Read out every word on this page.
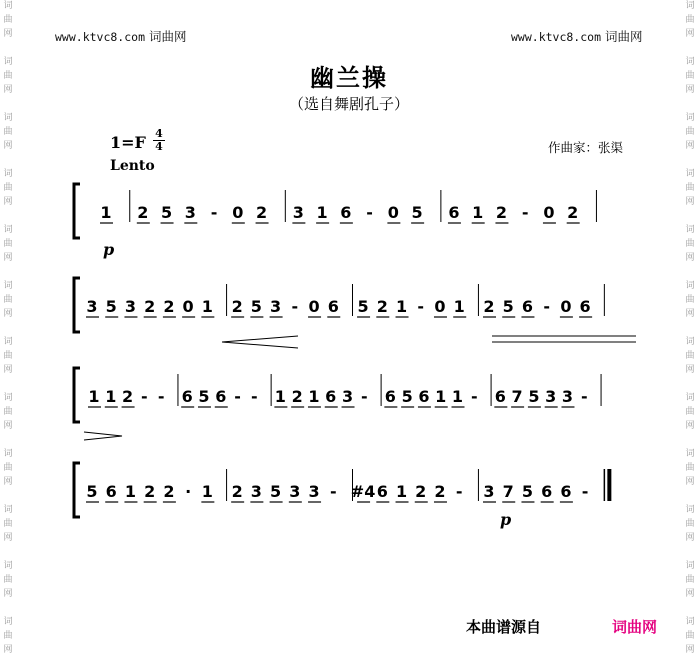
词
曲
网
词
曲
网
词
曲
网
词
曲
网
词
曲
网
词
曲
网
词
曲
网
词
曲
网
词
曲
网
词
曲
网
词
曲
网
词
曲
网
词
曲
网
词
曲
网
词
曲
网
词
曲
网
词
曲
网
词
曲
网
词
曲
网
词
曲
网
词
曲
网
词
曲
网
词
曲
网
词
曲
网
www.ktvc8.com 词曲网	www.ktvc8.com 词曲网
幽兰操
（选自舞剧孔子）
1=F 4
4
Lento
作曲家：张渠
1 2 5 3 - 0 2 3 1 6 - 0 5 6 1 2 - 0 2
3 5 3 2 2 0 1 2 5 3 - 0 6 5 2 1 - 0 1 2 5 6 - 0 6
1 1 2 - - 6 5 6 - - 1 2 1 6 3 - 6 5 6 1 1 - 6 7 5 3 3 -
5 6 1 2 2 · 1 2 3 5 3 3 - #4 6 1 2 2 - 3 7 5 6 6 -
p
p
本曲谱源自	词曲网
